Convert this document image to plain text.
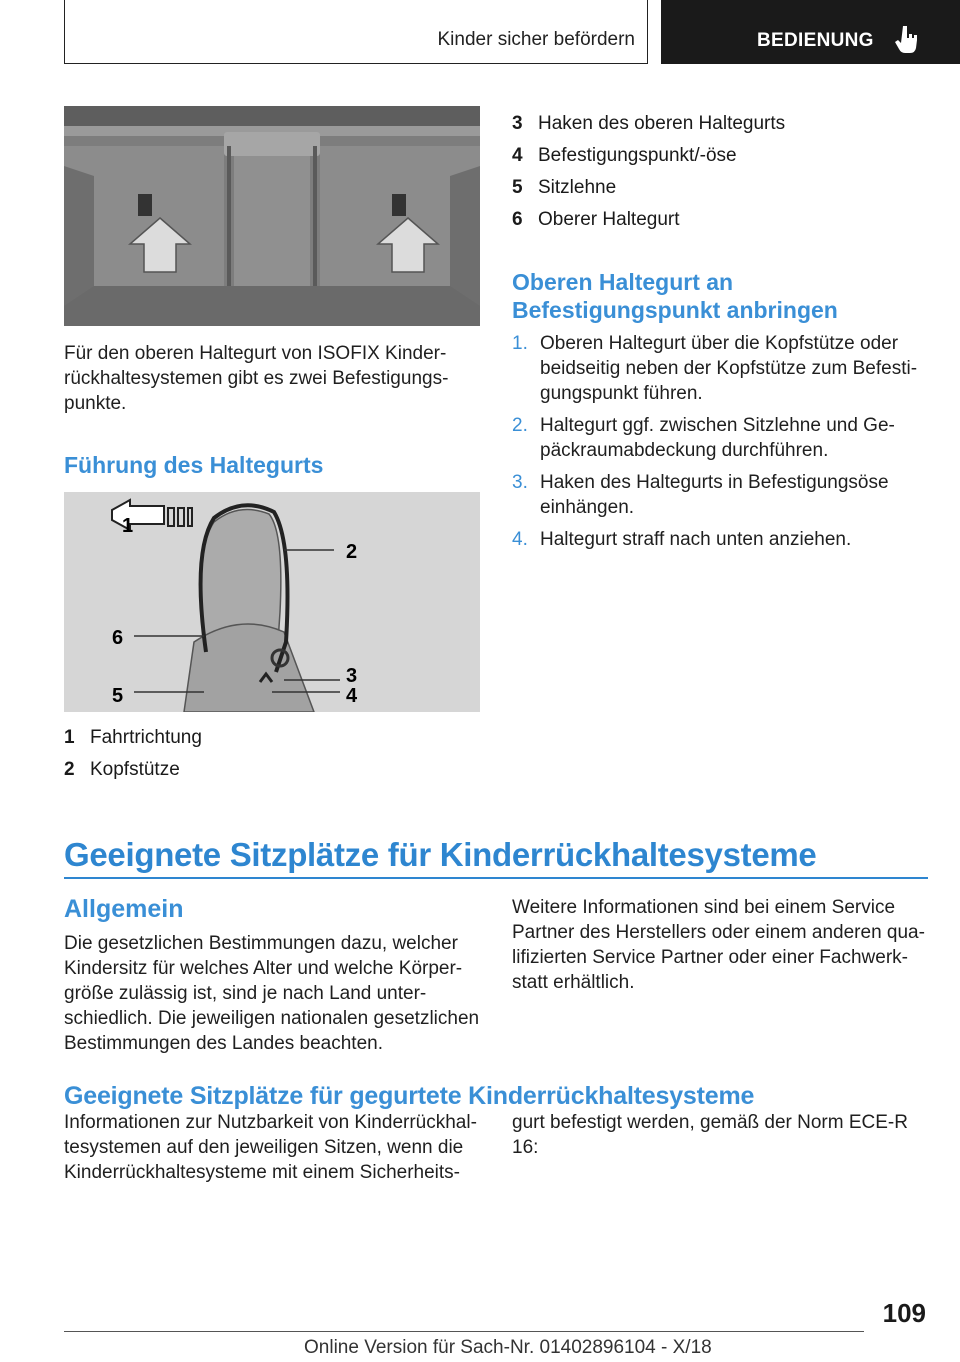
Kinder sicher befördern	BEDIENUNG
Für den oberen Haltegurt von ISOFIX Kinder-
rückhaltesystemen gibt es zwei Befestigungs-
punkte.
Führung des Haltegurts
1
2
6
3
5	4
1 Fahrtrichtung
2 Kopfstütze
3 Haken des oberen Haltegurts
4 Befestigungspunkt/-öse
5 Sitzlehne
6 Oberer Haltegurt
Oberen Haltegurt an
Befestigungspunkt anbringen
1. Oberen Haltegurt über die Kopfstütze oder
beidseitig neben der Kopfstütze zum Befesti-
gungspunkt führen.
2. Haltegurt ggf. zwischen Sitzlehne und Ge-
päckraumabdeckung durchführen.
3. Haken des Haltegurts in Befestigungsöse
einhängen.
4. Haltegurt straff nach unten anziehen.
Geeignete Sitzplätze für Kinderrückhaltesysteme
Allgemein
Die gesetzlichen Bestimmungen dazu, welcher
Kindersitz für welches Alter und welche Körper-
größe zulässig ist, sind je nach Land unter-
schiedlich. Die jeweiligen nationalen gesetzlichen
Bestimmungen des Landes beachten.
Weitere Informationen sind bei einem Service
Partner des Herstellers oder einem anderen qua-
lifizierten Service Partner oder einer Fachwerk-
statt erhältlich.
Geeignete Sitzplätze für gegurtete Kinderrückhaltesysteme
Informationen zur Nutzbarkeit von Kinderrückhal-
tesystemen auf den jeweiligen Sitzen, wenn die
Kinderrückhaltesysteme mit einem Sicherheits-
gurt befestigt werden, gemäß der Norm ECE-R
16:
109
Online Version für Sach-Nr. 01402896104 - X/18
